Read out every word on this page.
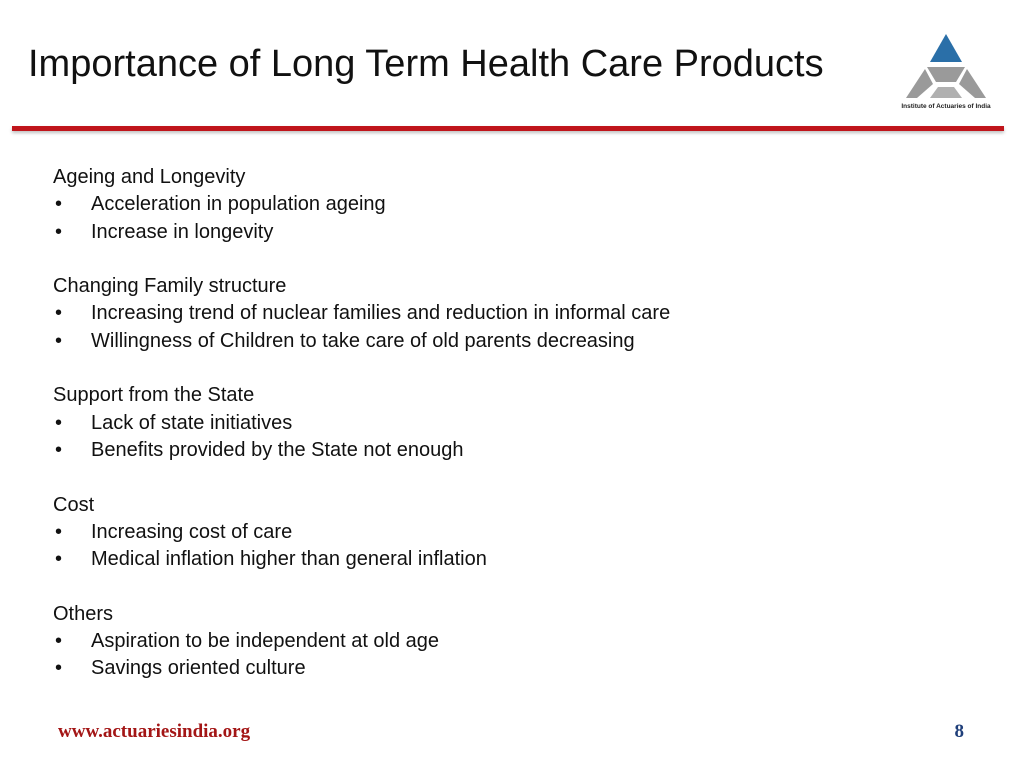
Importance of Long Term Health Care Products
Institute of Actuaries of India
Ageing and Longevity
• Acceleration in population ageing
• Increase in longevity
Changing Family structure
• Increasing trend of nuclear families and reduction in informal care
• Willingness of Children to take care of old parents decreasing
Support from the State
• Lack of state initiatives
• Benefits provided by the State not enough
Cost
• Increasing cost of care
• Medical inflation higher than general inflation
Others
• Aspiration to be independent at old age
• Savings oriented culture
www.actuariesindia.org	8
